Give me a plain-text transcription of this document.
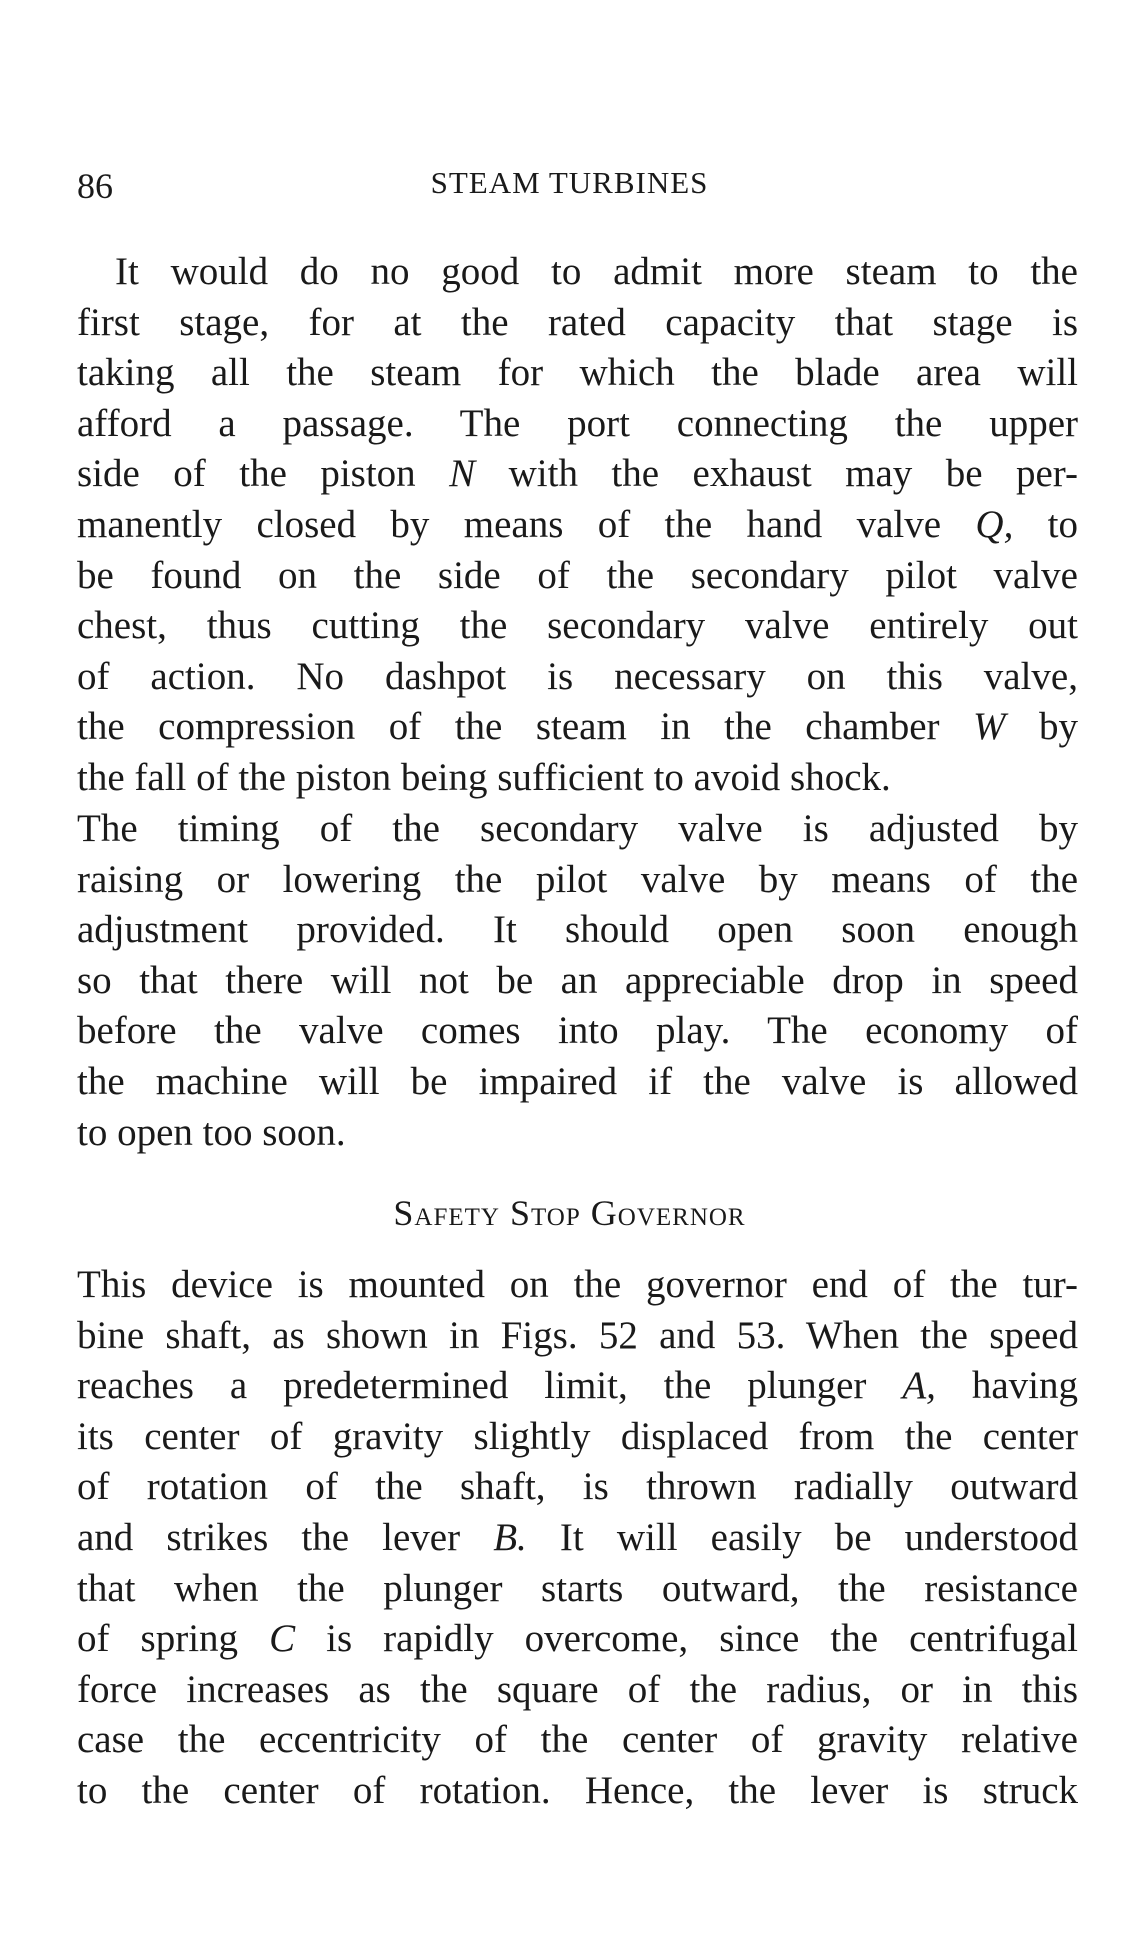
86	STEAM TURBINES
It would do no good to admit more steam to the
first stage, for at the rated capacity that stage is
taking all the steam for which the blade area will
afford a passage. The port connecting the upper
side of the piston N with the exhaust may be per-
manently closed by means of the hand valve Q, to
be found on the side of the secondary pilot valve
chest, thus cutting the secondary valve entirely out
of action. No dashpot is necessary on this valve,
the compression of the steam in the chamber W by
the fall of the piston being sufficient to avoid shock.
The timing of the secondary valve is adjusted by
raising or lowering the pilot valve by means of the
adjustment provided. It should open soon enough
so that there will not be an appreciable drop in speed
before the valve comes into play. The economy of
the machine will be impaired if the valve is allowed
to open too soon.
Safety Stop Governor
This device is mounted on the governor end of the tur-
bine shaft, as shown in Figs. 52 and 53. When the speed
reaches a predetermined limit, the plunger A, having
its center of gravity slightly displaced from the center
of rotation of the shaft, is thrown radially outward
and strikes the lever B. It will easily be understood
that when the plunger starts outward, the resistance
of spring C is rapidly overcome, since the centrifugal
force increases as the square of the radius, or in this
case the eccentricity of the center of gravity relative
to the center of rotation. Hence, the lever is struck
